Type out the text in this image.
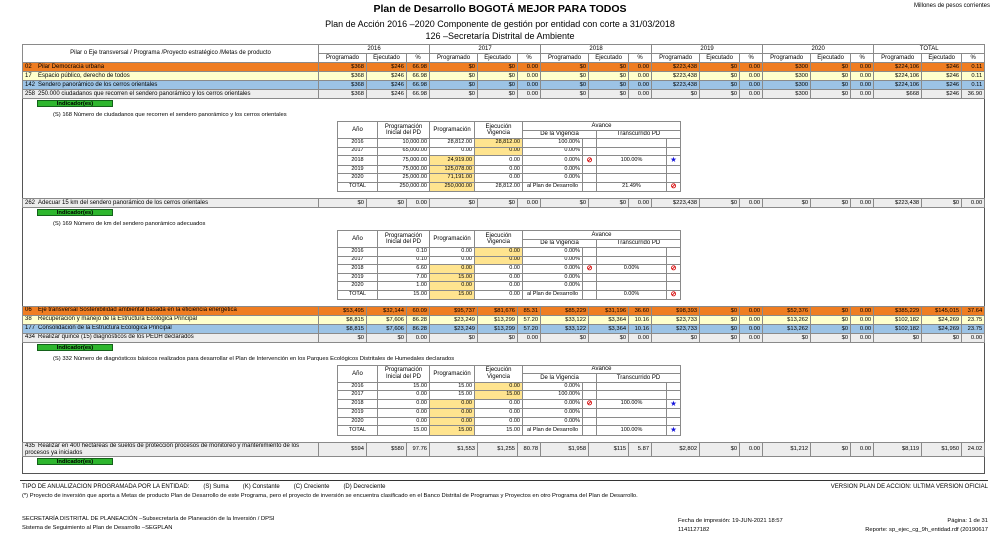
Millones de pesos corrientes
Plan de Desarrollo BOGOTÁ MEJOR PARA TODOS
Plan de Acción 2016 –2020 Componente de gestión por entidad con corte a 31/03/2018
126 –Secretaría Distrital de Ambiente
Pilar o Eje transversal / Programa /Proyecto estratégico /Metas de producto	2016	2017	2018	2019	2020	TOTAL
Programado	Ejecutado	%	Programado	Ejecutado	%	Programado	Ejecutado	%	Programado	Ejecutado	%	Programado	Ejecutado	%	Programado	Ejecutado	%
02 Pilar Democracia urbana	$368	$246	66.98	$0	$0	0.00	$0	$0	0.00	$223,438	$0	0.00	$300	$0	0.00	$224,106	$246	0.11
17 Espacio público, derecho de todos	$368	$246	66.98	$0	$0	0.00	$0	$0	0.00	$223,438	$0	0.00	$300	$0	0.00	$224,106	$246	0.11
142 Sendero panorámico de los cerros orientales	$368	$246	66.98	$0	$0	0.00	$0	$0	0.00	$223,438	$0	0.00	$300	$0	0.00	$224,106	$246	0.11
258 250.000 ciudadanos que recorren el sendero panorámico y los cerros orientales	$368	$246	66.98	$0	$0	0.00	$0	$0	0.00	$0	$0	0.00	$300	$0	0.00	$668	$246	36.90

Indicador(es)

(S) 168 Número de ciudadanos que recorren el sendero panorámico y los cerros orientales
Año	Programación Inicial del PD	Programación	Ejecución Vigencia	Avance
De la Vigencia	Transcurrido PD
2016	10,000.00	28,812.00	28,812.00	100.00%			
2017	65,000.00	0.00	0.00	0.00%			
2018	75,000.00	24,919.00	0.00	0.00%	⊘	100.00%	★
2019	75,000.00	125,078.00	0.00	0.00%			
2020	25,000.00	71,191.00	0.00	0.00%			
TOTAL	250,000.00	250,000.00	28,812.00	al Plan de Desarrollo		21.49%	⊘

262 Adecuar 15 km del sendero panorámico de los cerros orientales	$0	$0	0.00	$0	$0	0.00	$0	$0	0.00	$223,438	$0	0.00	$0	$0	0.00	$223,438	$0	0.00

Indicador(es)

(S) 169 Número de km del sendero panorámico adecuados
Año	Programación Inicial del PD	Programación	Ejecución Vigencia	Avance
De la Vigencia	Transcurrido PD
2016	0.10	0.00	0.00	0.00%			
2017	0.10	0.00	0.00	0.00%			
2018	6.60	0.00	0.00	0.00%	⊘	0.00%	⊘
2019	7.00	15.00	0.00	0.00%			
2020	1.00	0.00	0.00	0.00%			
TOTAL	15.00	15.00	0.00	al Plan de Desarrollo		0.00%	⊘

06 Eje transversal Sostenibilidad ambiental basada en la eficiencia energética	$53,495	$32,144	60.09	$95,737	$81,676	85.31	$85,229	$31,196	36.60	$98,393	$0	0.00	$52,376	$0	0.00	$385,229	$145,015	37.64
38 Recuperación y manejo de la Estructura Ecológica Principal	$8,815	$7,606	86.28	$23,249	$13,299	57.20	$33,122	$3,364	10.16	$23,733	$0	0.00	$13,262	$0	0.00	$102,182	$24,269	23.75
177 Consolidación de la Estructura Ecológica Principal	$8,815	$7,606	86.28	$23,249	$13,299	57.20	$33,122	$3,364	10.16	$23,733	$0	0.00	$13,262	$0	0.00	$102,182	$24,269	23.75
434 Realizar quince (15) diagnósticos de los PEDH declarados	$0	$0	0.00	$0	$0	0.00	$0	$0	0.00	$0	$0	0.00	$0	$0	0.00	$0	$0	0.00

Indicador(es)

(S) 332 Número de diagnósticos básicos realizados para desarrollar el Plan de Intervención en los Parques Ecológicos Distritales de Humedales declarados
Año	Programación Inicial del PD	Programación	Ejecución Vigencia	Avance
De la Vigencia	Transcurrido PD
2016	15.00	15.00	0.00	0.00%			
2017	0.00	15.00	15.00	100.00%			
2018	0.00	0.00	0.00	0.00%	⊘	100.00%	★
2019	0.00	0.00	0.00	0.00%			
2020	0.00	0.00	0.00	0.00%			
TOTAL	15.00	15.00	15.00	al Plan de Desarrollo		100.00%	★

435 Realizar en 400 hectáreas de suelos de protección procesos de monitoreo y mantenimiento de los procesos ya iniciados	$594	$580	97.76	$1,553	$1,255	80.78	$1,958	$115	5.87	$2,802	$0	0.00	$1,212	$0	0.00	$8,119	$1,950	24.02

Indicador(es)

TIPO DE ANUALIZACION PROGRAMADA POR LA ENTIDAD: (S) Suma (K) Constante (C) Creciente (D) Decreciente	VERSION PLAN DE ACCION: ULTIMA VERSION OFICIAL
(*) Proyecto de inversión que aporta a Metas de producto Plan de Desarrollo de este Programa, pero el proyecto de inversión se encuentra clasificado en el Banco Distrital de Programas y Proyectos en otro Programa del Plan de Desarrollo.
SECRETARÍA DISTRITAL DE PLANEACIÓN –Subsecretaría de Planeación de la Inversión / DPSI
Sistema de Seguimiento al Plan de Desarrollo –SEGPLAN
Fecha de impresión: 19-JUN-2021 18:57	Página: 1 de 31
1141127182	Reporte: sp_ejec_cg_9h_entidad.rdf (20190617
